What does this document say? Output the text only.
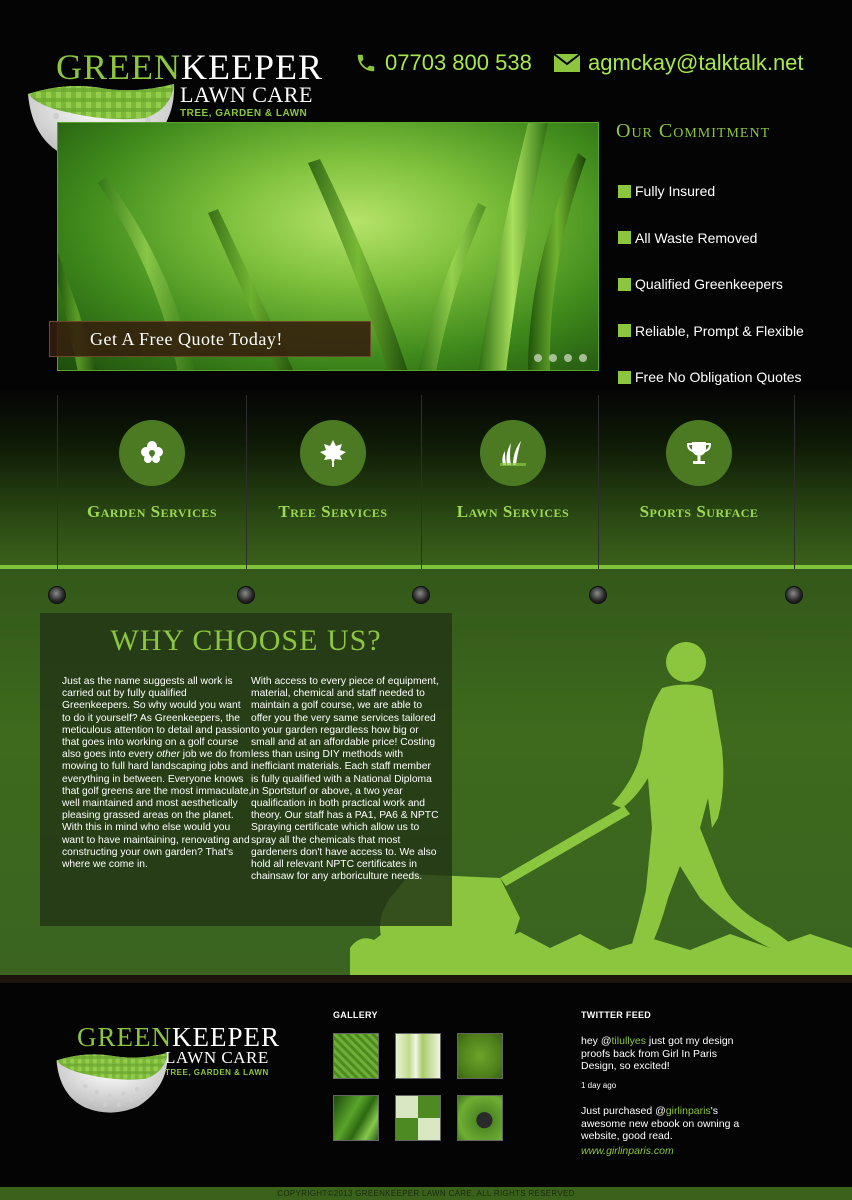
GREENKEEPER
LAWN CARE
TREE, GARDEN & LAWN
07703 800 538	agmckay@talktalk.net
Get A Free Quote Today!
Our Commitment
Fully Insured
All Waste Removed
Qualified Greenkeepers
Reliable, Prompt & Flexible
Free No Obligation Quotes
Garden Services	Tree Services	Lawn Services	Sports Surface
WHY CHOOSE US?
Just as the name suggests all work is carried out by fully qualified Greenkeepers. So why would you want to do it yourself? As Greenkeepers, the meticulous attention to detail and passion that goes into working on a golf course also goes into every other job we do from mowing to full hard landscaping jobs and everything in between. Everyone knows that golf greens are the most immaculate, well maintained and most aesthetically pleasing grassed areas on the planet. With this in mind who else would you want to have maintaining, renovating and constructing your own garden? That's where we come in.
With access to every piece of equipment, material, chemical and staff needed to maintain a golf course, we are able to offer you the very same services tailored to your garden regardless how big or small and at an affordable price! Costing less than using DIY methods with inefficiant materials. Each staff member is fully qualified with a National Diploma in Sportsturf or above, a two year qualification in both practical work and theory. Our staff has a PA1, PA6 & NPTC Spraying certificate which allow us to spray all the chemicals that most gardeners don't have access to. We also hold all relevant NPTC certificates in chainsaw for any arboriculture needs.
GREENKEEPER
LAWN CARE
TREE, GARDEN & LAWN
GALLERY	TWITTER FEED
hey @tilullyes just got my design proofs back from Girl In Paris Design, so excited!
1 day ago
Just purchased @girlinparis's awesome new ebook on owning a website, good read.
www.girlinparis.com
COPYRIGHT©2013 GREENKEEPER LAWN CARE, ALL RIGHTS RESERVED
